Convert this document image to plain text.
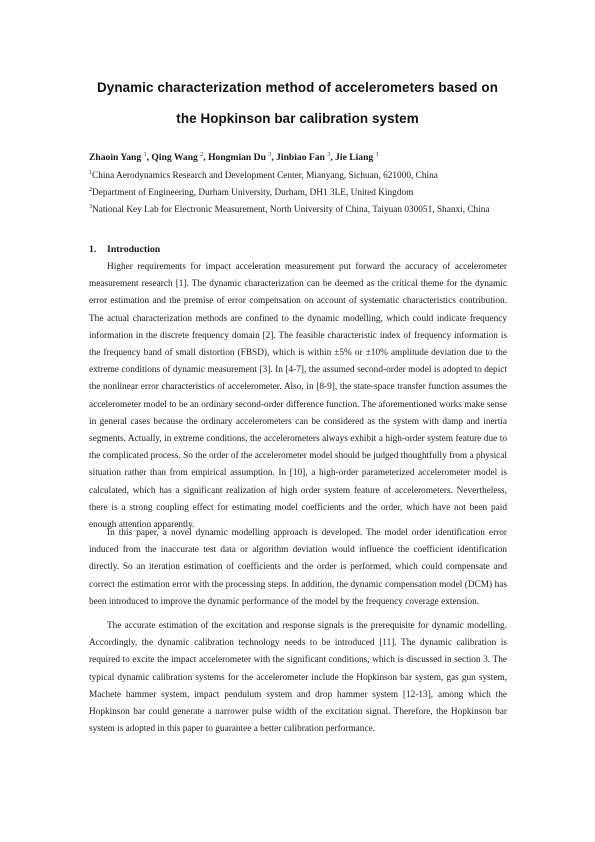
Dynamic characterization method of accelerometers based on
the Hopkinson bar calibration system
Zhaoin Yang $^1$, Qing Wang $^2$, Hongmian Du $^3$, Jinbiao Fan $^3$, Jie Liang $^1$
$^1$China Aerodynamics Research and Development Center, Mianyang, Sichuan, 621000, China
$^2$Department of Engineering, Durham University, Durham, DH1 3LE, United Kingdom
$^3$National Key Lab for Electronic Measurement, North University of China, Taiyuan 030051, Shanxi, China
1. Introduction

Higher requirements for impact acceleration measurement put forward the accuracy of accelerometer measurement research [1]. The dynamic characterization can be deemed as the critical theme for the dynamic error estimation and the premise of error compensation on account of systematic characteristics contribution. The actual characterization methods are confined to the dynamic modelling, which could indicate frequency information in the discrete frequency domain [2]. The feasible characteristic index of frequency information is the frequency band of small distortion (FBSD), which is within ±5% or ±10% amplitude deviation due to the extreme conditions of dynamic measurement [3]. In [4-7], the assumed second-order model is adopted to depict the nonlinear error characteristics of accelerometer. Also, in [8-9], the state-space transfer function assumes the accelerometer model to be an ordinary second-order difference function. The aforementioned works make sense in general cases because the ordinary accelerometers can be considered as the system with damp and inertia segments. Actually, in extreme conditions, the accelerometers always exhibit a high-order system feature due to the complicated process. So the order of the accelerometer model should be judged thoughtfully from a physical situation rather than from empirical assumption. In [10], a high-order parameterized accelerometer model is calculated, which has a significant realization of high order system feature of accelerometers. Nevertheless, there is a strong coupling effect for estimating model coefficients and the order, which have not been paid enough attention apparently.

In this paper, a novel dynamic modelling approach is developed. The model order identification error induced from the inaccurate test data or algorithm deviation would influence the coefficient identification directly. So an iteration estimation of coefficients and the order is performed, which could compensate and correct the estimation error with the processing steps. In addition, the dynamic compensation model (DCM) has been introduced to improve the dynamic performance of the model by the frequency coverage extension.

The accurate estimation of the excitation and response signals is the prerequisite for dynamic modelling. Accordingly, the dynamic calibration technology needs to be introduced [11]. The dynamic calibration is required to excite the impact accelerometer with the significant conditions, which is discussed in section 3. The typical dynamic calibration systems for the accelerometer include the Hopkinson bar system, gas gun system, Machete hammer system, impact pendulum system and drop hammer system [12-13], among which the Hopkinson bar could generate a narrower pulse width of the excitation signal. Therefore, the Hopkinson bar system is adopted in this paper to guarantee a better calibration performance.
